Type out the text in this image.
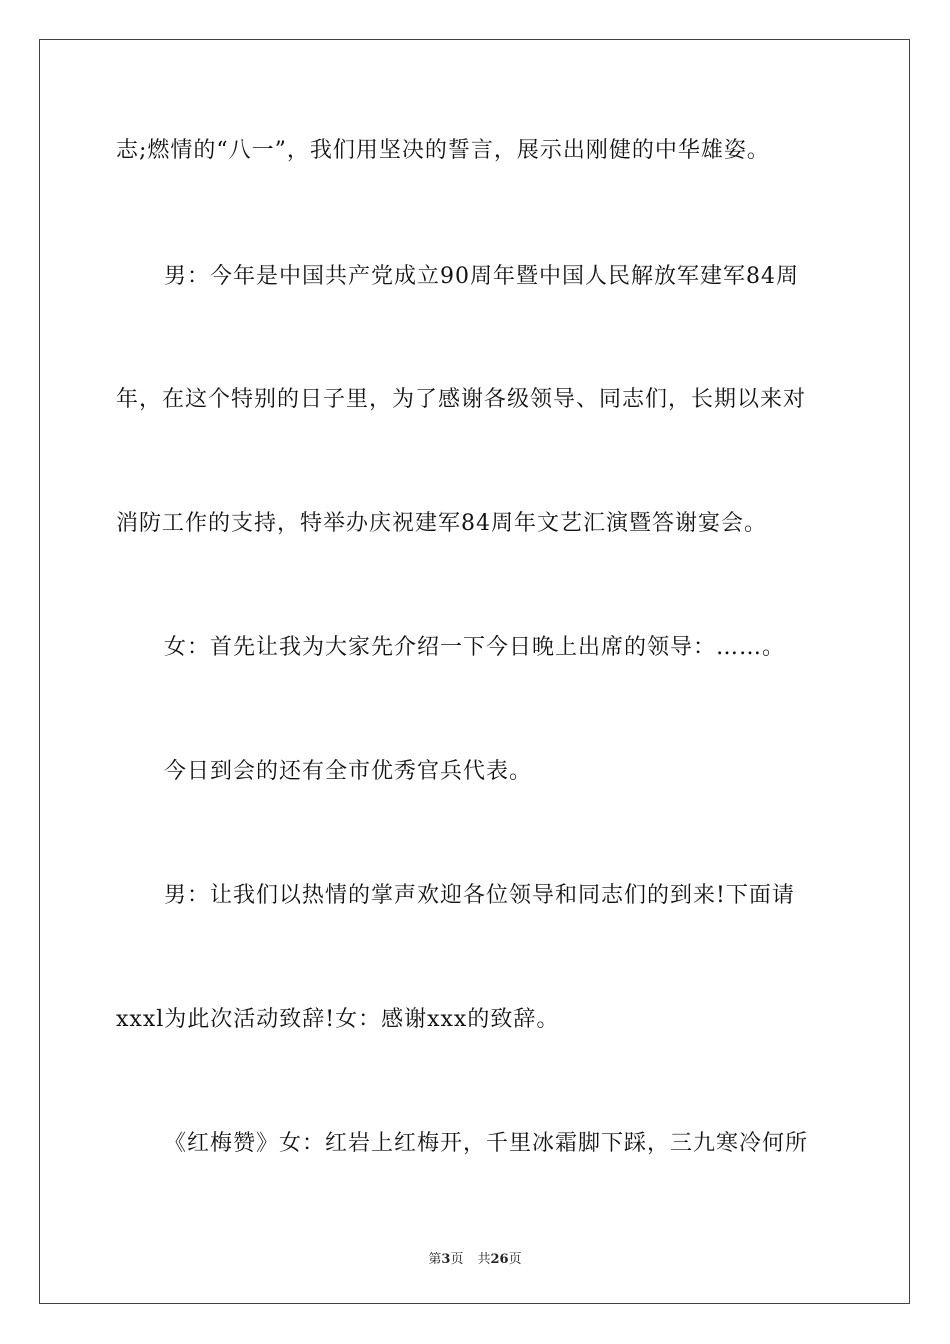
志;燃情的“八一”，我们用坚决的誓言，展示出刚健的中华雄姿。
男：今年是中国共产党成立90周年暨中国人民解放军建军84周
年，在这个特别的日子里，为了感谢各级领导、同志们，长期以来对
消防工作的支持，特举办庆祝建军84周年文艺汇演暨答谢宴会。
女：首先让我为大家先介绍一下今日晚上出席的领导：……。
今日到会的还有全市优秀官兵代表。
男：让我们以热情的掌声欢迎各位领导和同志们的到来!下面请
xxxl为此次活动致辞!女：感谢xxx的致辞。
《红梅赞》女：红岩上红梅开，千里冰霜脚下踩，三九寒冷何所
第3页 共26页
